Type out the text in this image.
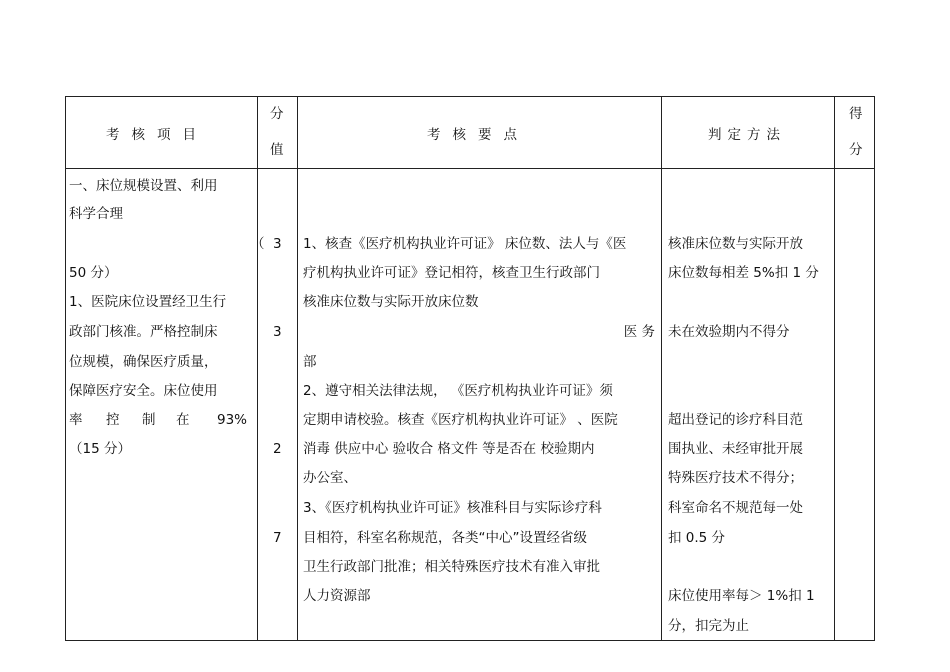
考核项目
分
值
考核要点	判定方法
得
分
一、床位规模设置、利用
科学合理
（
50 分）
1、医院床位设置经卫生行
政部门核准。严格控制床
位规模，确保医疗质量，
保障医疗安全。床位使用
率 控 制 在 93%
（15 分）
3
3
2
7
1、核查《医疗机构执业许可证》 床位数、法人与《医
疗机构执业许可证》登记相符，核查卫生行政部门
核准床位数与实际开放床位数
医 务
部
2、遵守相关法律法规， 《医疗机构执业许可证》须
定期申请校验。核查《医疗机构执业许可证》 、医院
消毒 供应中心 验收合 格文件 等是否在 校验期内
办公室、
3、《医疗机构执业许可证》核准科目与实际诊疗科
目相符，科室名称规范，各类“中心”设置经省级
卫生行政部门批准；相关特殊医疗技术有准入审批
人力资源部
核准床位数与实际开放
床位数每相差 5%扣 1 分
未在效验期内不得分
超出登记的诊疗科目范
围执业、未经审批开展
特殊医疗技术不得分；
科室命名不规范每一处
扣 0.5 分
床位使用率每＞ 1%扣 1
分，扣完为止
